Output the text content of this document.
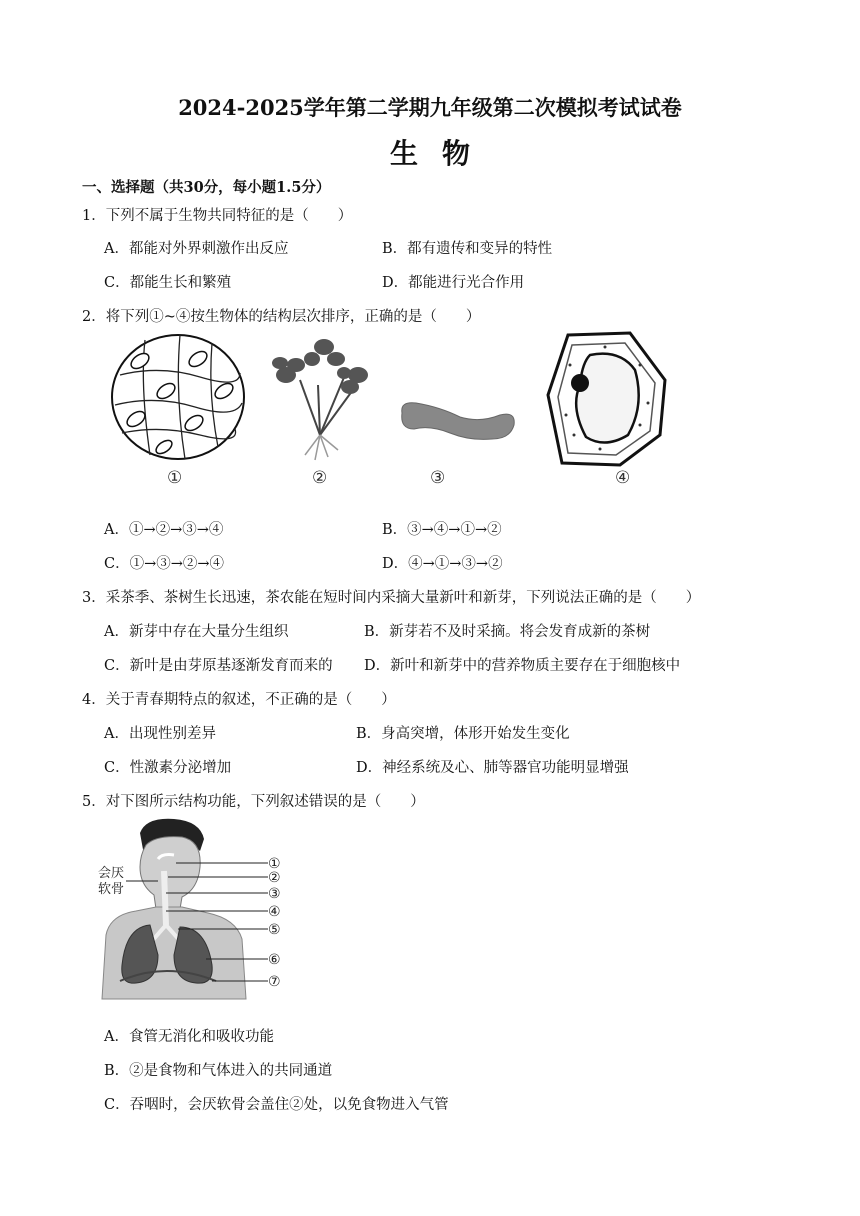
2024-2025学年第二学期九年级第二次模拟考试试卷
生物
一、选择题（共30分，每小题1.5分）
1．下列不属于生物共同特征的是（　　）
A．都能对外界刺激作出反应	B．都有遗传和变异的特性
C．都能生长和繁殖	D．都能进行光合作用
2．将下列①~④按生物体的结构层次排序，正确的是（　　）
①	②	③	④
A．①→②→③→④	B．③→④→①→②
C．①→③→②→④	D．④→①→③→②
3．采茶季、茶树生长迅速，茶农能在短时间内采摘大量新叶和新芽，下列说法正确的是（　　）
A．新芽中存在大量分生组织	B．新芽若不及时采摘。将会发育成新的茶树
C．新叶是由芽原基逐渐发育而来的 D．新叶和新芽中的营养物质主要存在于细胞核中
4．关于青春期特点的叙述，不正确的是（　　）
A．出现性别差异	B．身高突增，体形开始发生变化
C．性激素分泌增加	D．神经系统及心、肺等器官功能明显增强
5．对下图所示结构功能，下列叙述错误的是（　　）
会厌
软骨
①
②
③
④
⑤
⑥
⑦
A．食管无消化和吸收功能
B．②是食物和气体进入的共同通道
C．吞咽时，会厌软骨会盖住②处，以免食物进入气管
